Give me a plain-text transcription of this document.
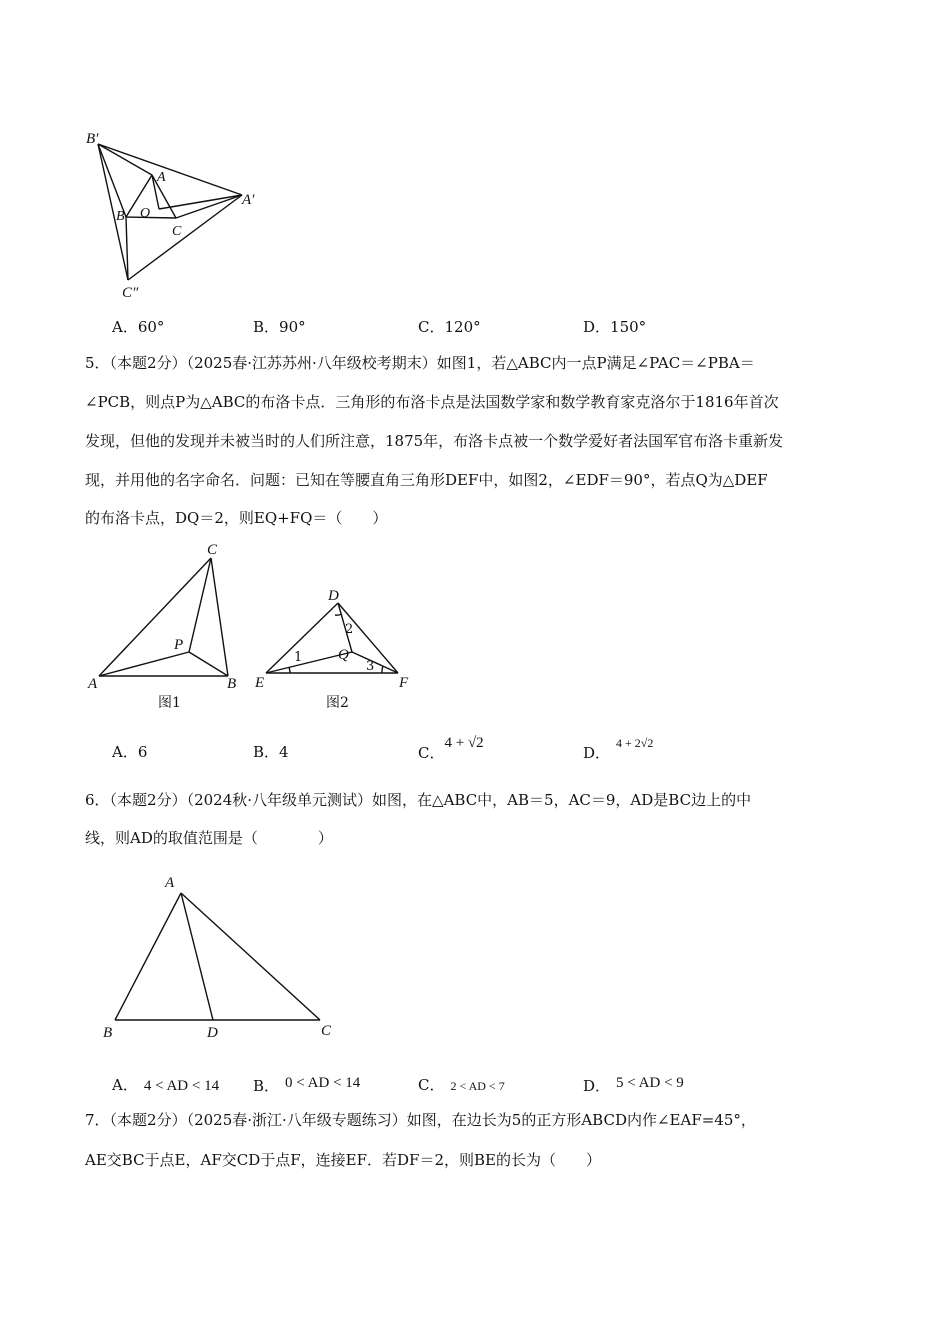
B′
A
O
B
C
A′
C″
A．60°	B．90°	C．120°	D．150°
5．（本题2分）（2025春·江苏苏州·八年级校考期末）如图1，若△ABC内一点P满足∠PAC＝∠PBA＝
∠PCB，则点P为△ABC的布洛卡点．三角形的布洛卡点是法国数学家和数学教育家克洛尔于1816年首次
发现，但他的发现并未被当时的人们所注意，1875年，布洛卡点被一个数学爱好者法国军官布洛卡重新发
现，并用他的名字命名．问题：已知在等腰直角三角形DEF中，如图2，∠EDF＝90°，若点Q为△DEF
的布洛卡点，DQ＝2，则EQ+FQ＝（　　）
C
P
A	B
图1
D
2
1 Q
3
E	F
图2
A．6	B．4	C．4 + √2
D．4 + 2√2
6．（本题2分）（2024秋·八年级单元测试）如图，在△ABC中，AB＝5，AC＝9，AD是BC边上的中
线，则AD的取值范围是（　　　　）
A
B	D	C
A． 4 < AD < 14 B． 0 < AD < 14	C． 2 < AD < 7	D． 5 < AD < 9
7．（本题2分）（2025春·浙江·八年级专题练习）如图，在边长为5的正方形ABCD内作∠EAF=45°，
AE交BC于点E，AF交CD于点F，连接EF．若DF＝2，则BE的长为（　　）
